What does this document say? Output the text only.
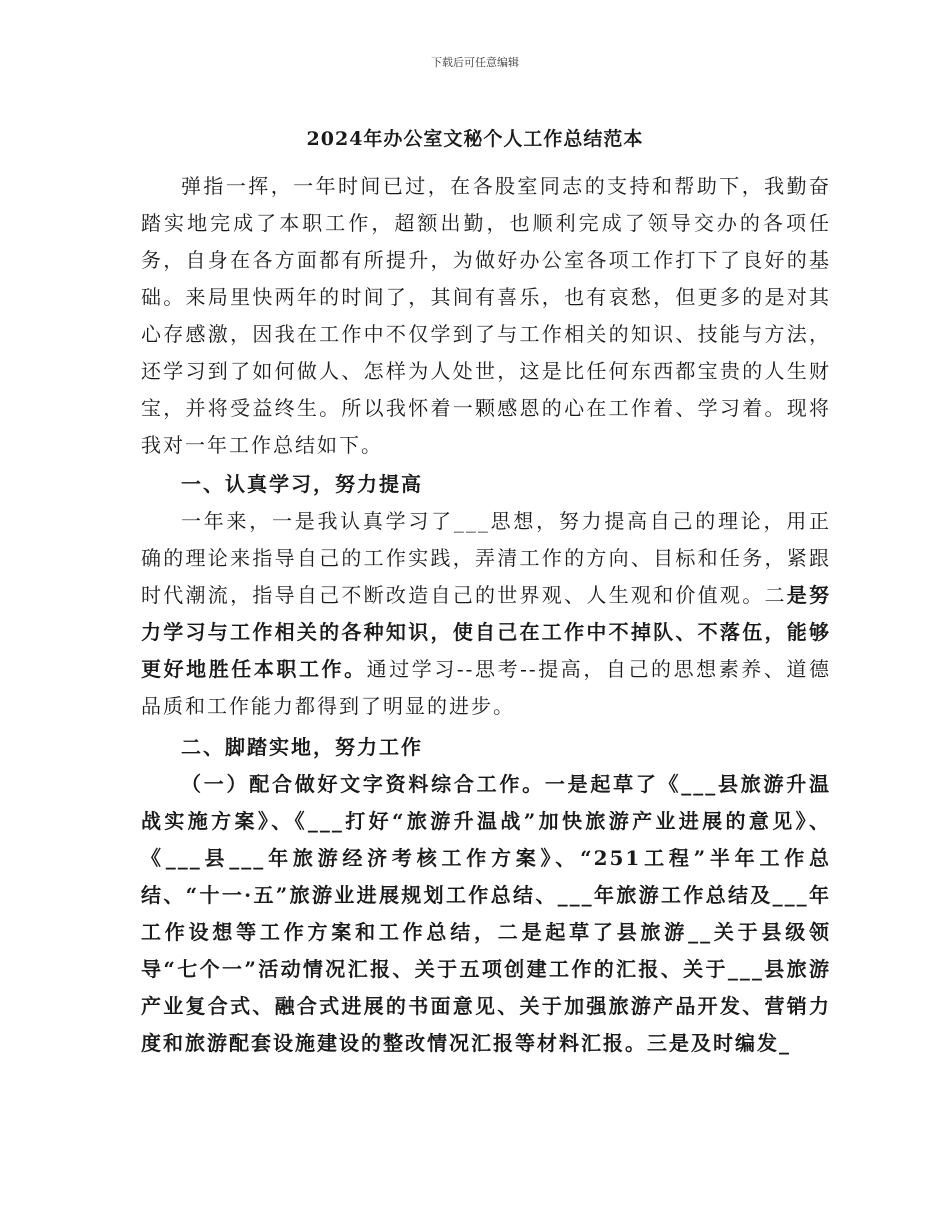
下载后可任意编辑
2024年办公室文秘个人工作总结范本

弹指一挥，一年时间已过，在各股室同志的支持和帮助下，我勤奋踏实地完成了本职工作，超额出勤，也顺利完成了领导交办的各项任务，自身在各方面都有所提升，为做好办公室各项工作打下了良好的基础。来局里快两年的时间了，其间有喜乐，也有哀愁，但更多的是对其心存感激，因我在工作中不仅学到了与工作相关的知识、技能与方法，还学习到了如何做人、怎样为人处世，这是比任何东西都宝贵的人生财宝，并将受益终生。所以我怀着一颗感恩的心在工作着、学习着。现将我对一年工作总结如下。

一、认真学习，努力提高

一年来，一是我认真学习了___思想，努力提高自己的理论，用正确的理论来指导自己的工作实践，弄清工作的方向、目标和任务，紧跟时代潮流，指导自己不断改造自己的世界观、人生观和价值观。二是努力学习与工作相关的各种知识，使自己在工作中不掉队、不落伍，能够更好地胜任本职工作。通过学习--思考--提高，自己的思想素养、道德品质和工作能力都得到了明显的进步。

二、脚踏实地，努力工作

（一）配合做好文字资料综合工作。一是起草了《___县旅游升温战实施方案》、《___打好“旅游升温战”加快旅游产业进展的意见》、《___县___年旅游经济考核工作方案》、“251工程”半年工作总结、“十一·五”旅游业进展规划工作总结、___年旅游工作总结及___年工作设想等工作方案和工作总结，二是起草了县旅游__关于县级领导“七个一”活动情况汇报、关于五项创建工作的汇报、关于___县旅游产业复合式、融合式进展的书面意见、关于加强旅游产品开发、营销力度和旅游配套设施建设的整改情况汇报等材料汇报。三是及时编发_
